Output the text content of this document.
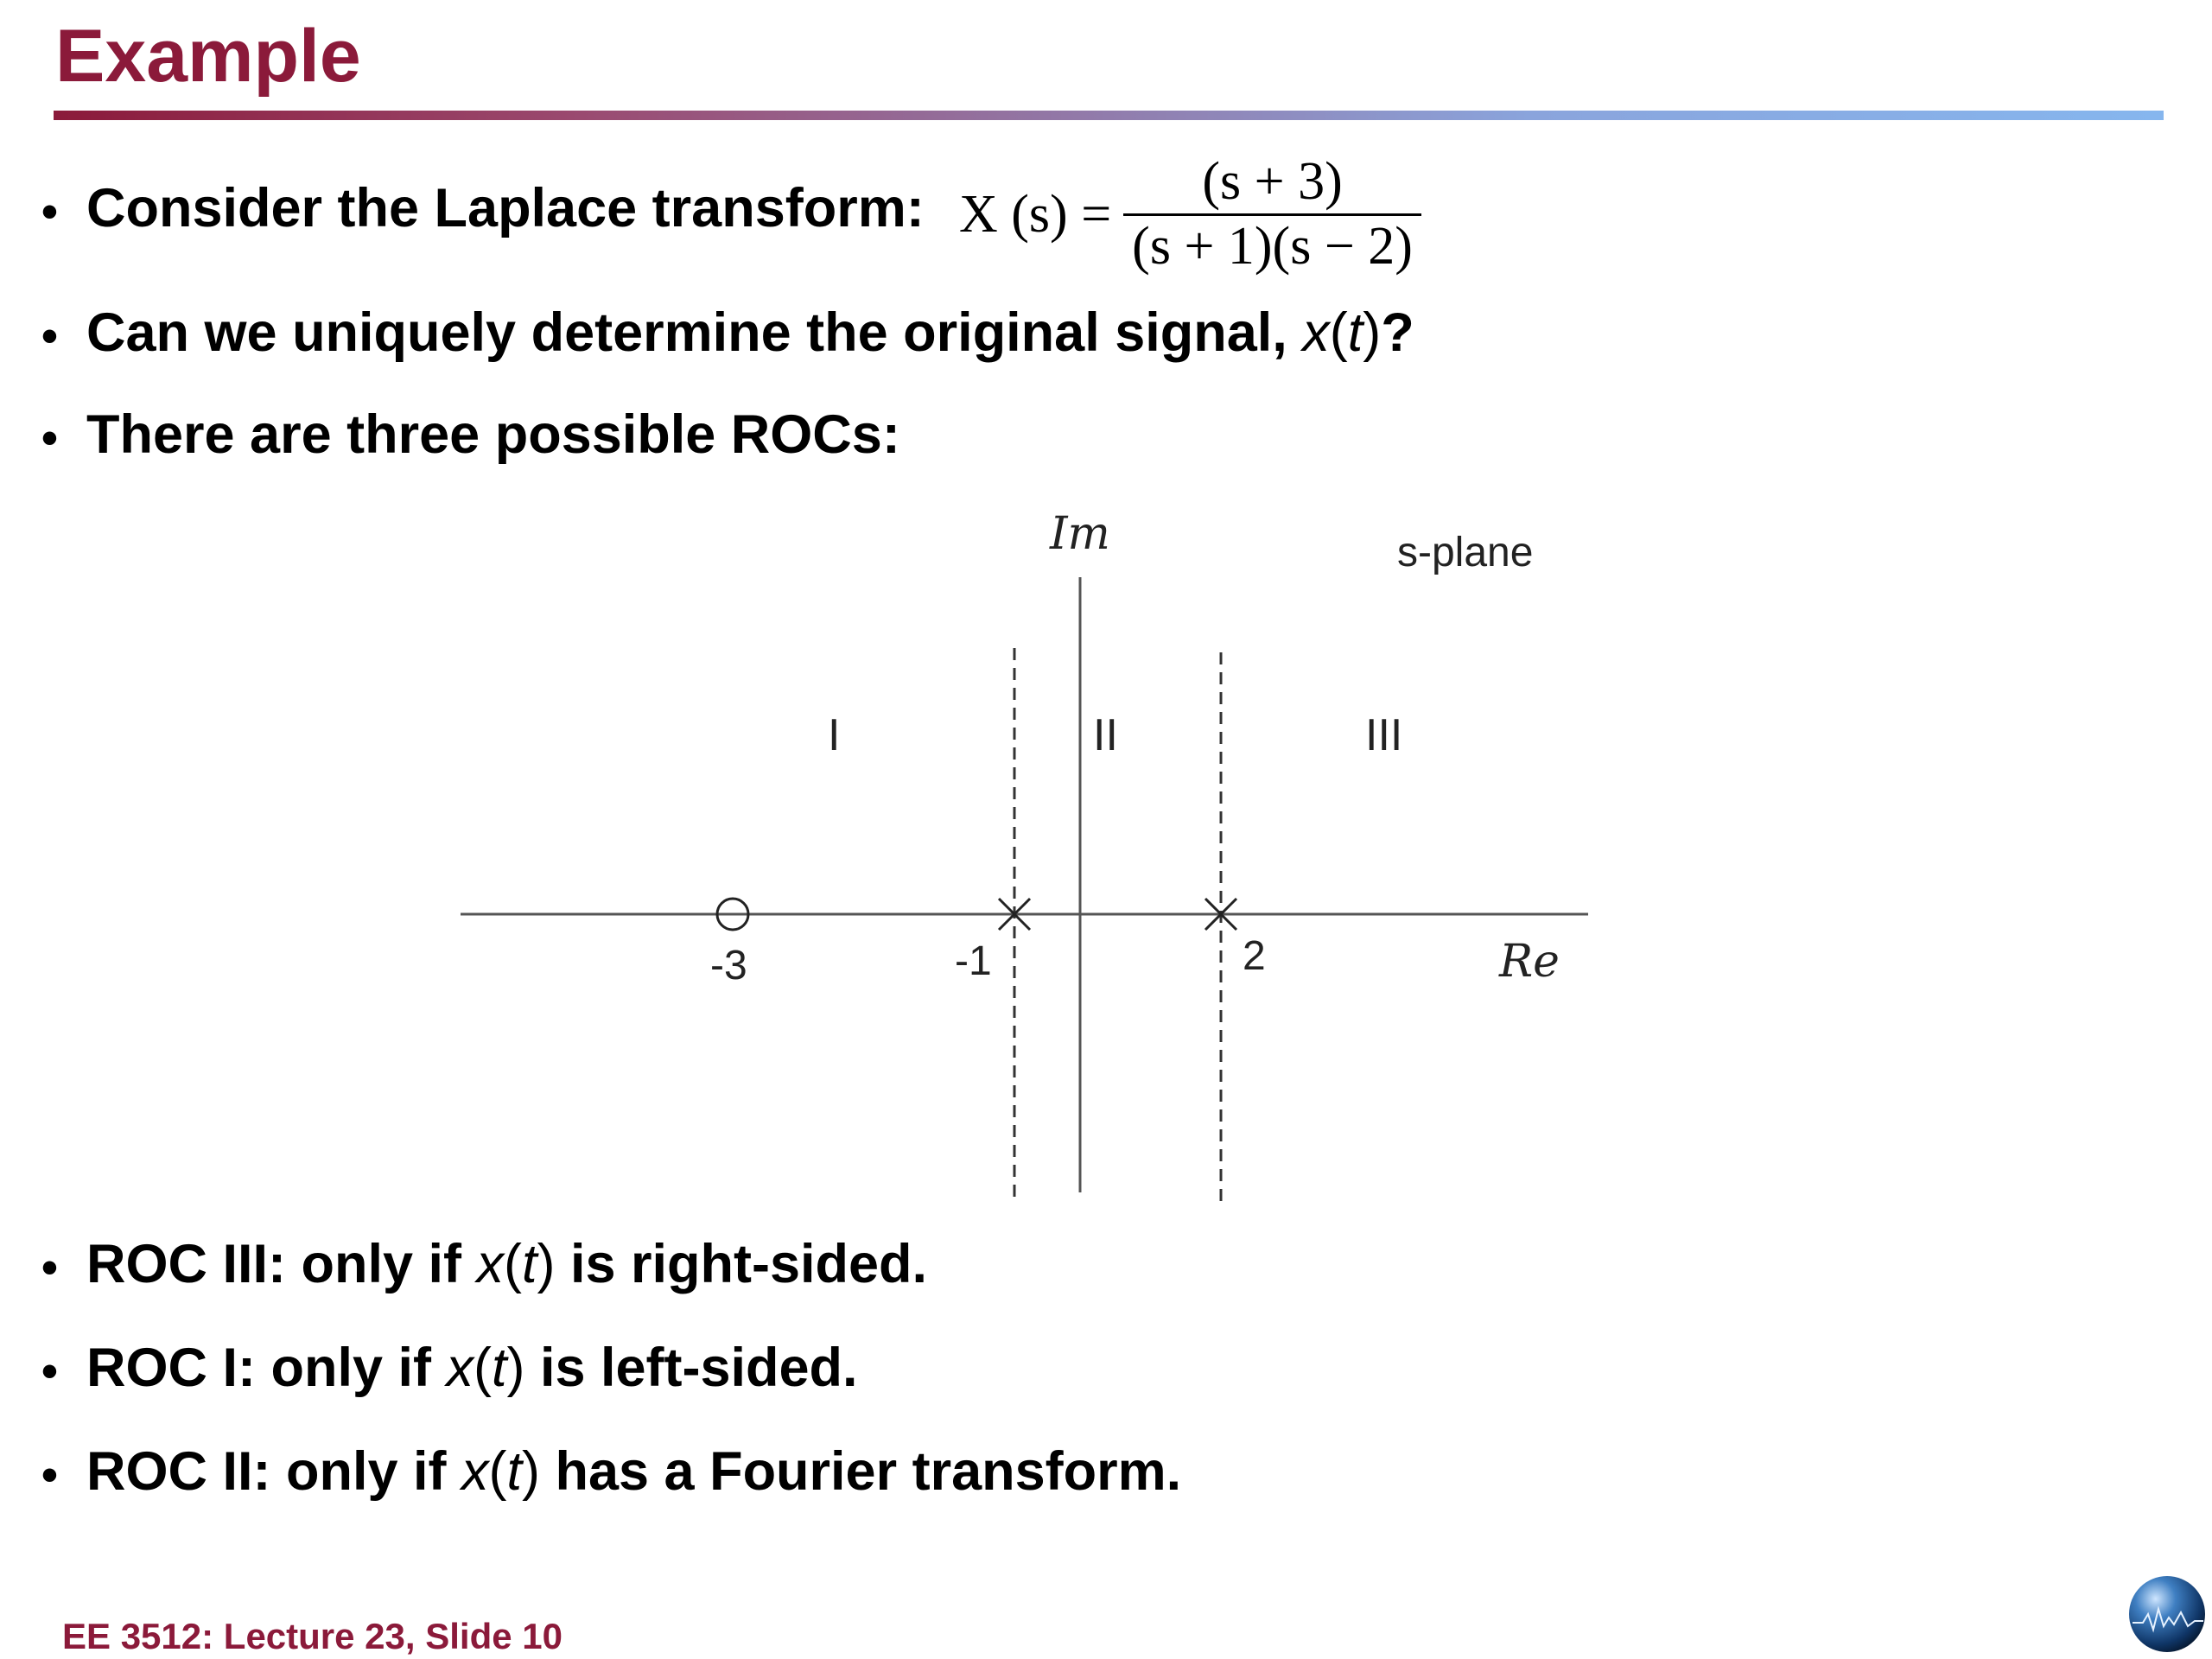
Example
• Consider the Laplace transform: X (s) =
(s + 3)
(s + 1)(s − 2)
• Can we uniquely determine the original signal, x(t)?
• There are three possible ROCs:
Im	s-plane
Re
I	II	III
-3	-1	2
• ROC III: only if x(t) is right-sided.
• ROC I: only if x(t) is left-sided.
• ROC II: only if x(t) has a Fourier transform.
EE 3512: Lecture 23, Slide 10
